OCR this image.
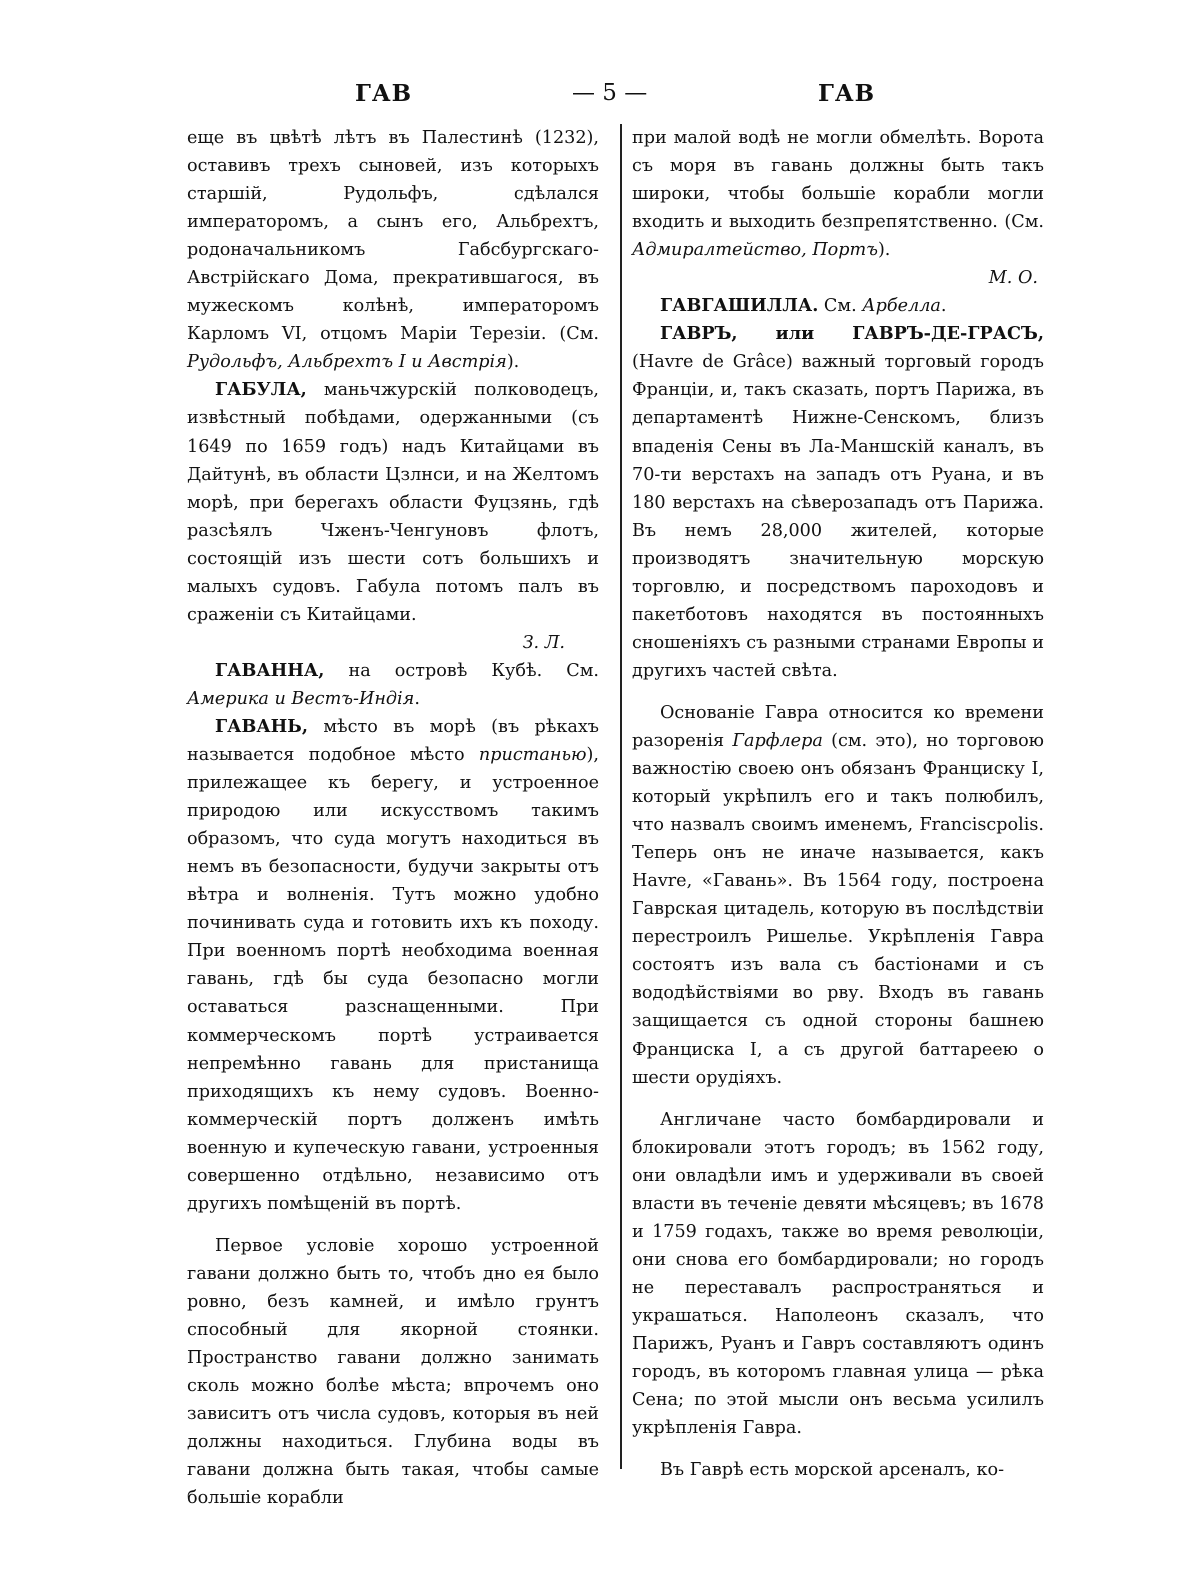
ГАВ	— 5 —	ГАВ

еще въ цвѣтѣ лѣтъ въ Палестинѣ (1232), оставивъ трехъ сыновей, изъ которыхъ старшій, Рудольфъ, сдѣлался императоромъ, а сынъ его, Альбрехтъ, родоначальникомъ Габсбургскаго-Австрійскаго Дома, прекратившагося, въ мужескомъ колѣнѣ, императоромъ Карломъ VI, отцомъ Маріи Терезіи. (См. Рудольфъ, Альбрехтъ I и Австрія).

ГАБУЛА, маньчжурскій полководецъ, извѣстный побѣдами, одержанными (съ 1649 по 1659 годъ) надъ Китайцами въ Дайтунѣ, въ области Цзлнси, и на Желтомъ морѣ, при берегахъ области Фуцзянь, гдѣ разсѣялъ Чженъ-Ченгуновъ флотъ, состоящій изъ шести сотъ большихъ и малыхъ судовъ. Габула потомъ палъ въ сраженіи съ Китайцами.

З. Л.

ГАВАННА, на островѣ Кубѣ. См. Америка и Вестъ-Индія.

ГАВАНЬ, мѣсто въ морѣ (въ рѣкахъ называется подобное мѣсто пристанью), прилежащее къ берегу, и устроенное природою или искусствомъ такимъ образомъ, что суда могутъ находиться въ немъ въ безопасности, будучи закрыты отъ вѣтра и волненія. Тутъ можно удобно починивать суда и готовить ихъ къ походу. При военномъ портѣ необходима военная гавань, гдѣ бы суда безопасно могли оставаться разснащенными. При коммерческомъ портѣ устраивается непремѣнно гавань для пристанища приходящихъ къ нему судовъ. Военно-коммерческій портъ долженъ имѣть военную и купеческую гавани, устроенныя совершенно отдѣльно, независимо отъ другихъ помѣщеній въ портѣ.

Первое условіе хорошо устроенной гавани должно быть то, чтобъ дно ея было ровно, безъ камней, и имѣло грунтъ способный для якорной стоянки. Пространство гавани должно занимать сколь можно болѣе мѣста; впрочемъ оно зависитъ отъ числа судовъ, которыя въ ней должны находиться. Глубина воды въ гавани должна быть такая, чтобы самые большіе корабли

при малой водѣ не могли обмелѣть. Ворота съ моря въ гавань должны быть такъ широки, чтобы большіе корабли могли входить и выходить безпрепятственно. (См. Адмиралтейство, Портъ).

М. О.

ГАВГАШИЛЛА. См. Арбелла.

ГАВРЪ, или ГАВРЪ-ДЕ-ГРАСЪ, (Havre de Grâce) важный торговый городъ Франціи, и, такъ сказать, портъ Парижа, въ департаментѣ Нижне-Сенскомъ, близъ впаденія Сены въ Ла-Маншскій каналъ, въ 70-ти верстахъ на западъ отъ Руана, и въ 180 верстахъ на сѣверозападъ отъ Парижа. Въ немъ 28,000 жителей, которые производятъ значительную морскую торговлю, и посредствомъ пароходовъ и пакетботовъ находятся въ постоянныхъ сношеніяхъ съ разными странами Европы и другихъ частей свѣта.

Основаніе Гавра относится ко времени разоренія Гарфлера (см. это), но торговою важностію своею онъ обязанъ Франциску I, который укрѣпилъ его и такъ полюбилъ, что назвалъ своимъ именемъ, Franciscpolis. Теперь онъ не иначе называется, какъ Havre, «Гавань». Въ 1564 году, построена Гаврская цитадель, которую въ послѣдствіи перестроилъ Ришелье. Укрѣпленія Гавра состоятъ изъ вала съ бастіонами и съ вододѣйствіями во рву. Входъ въ гавань защищается съ одной стороны башнею Франциска I, а съ другой баттареею о шести орудіяхъ.

Англичане часто бомбардировали и блокировали этотъ городъ; въ 1562 году, они овладѣли имъ и удерживали въ своей власти въ теченіе девяти мѣсяцевъ; въ 1678 и 1759 годахъ, также во время революціи, они снова его бомбардировали; но городъ не переставалъ распространяться и украшаться. Наполеонъ сказалъ, что Парижъ, Руанъ и Гавръ составляютъ одинъ городъ, въ которомъ главная улица — рѣка Сена; по этой мысли онъ весьма усилилъ укрѣпленія Гавра.

Въ Гаврѣ есть морской арсеналъ, ко-
